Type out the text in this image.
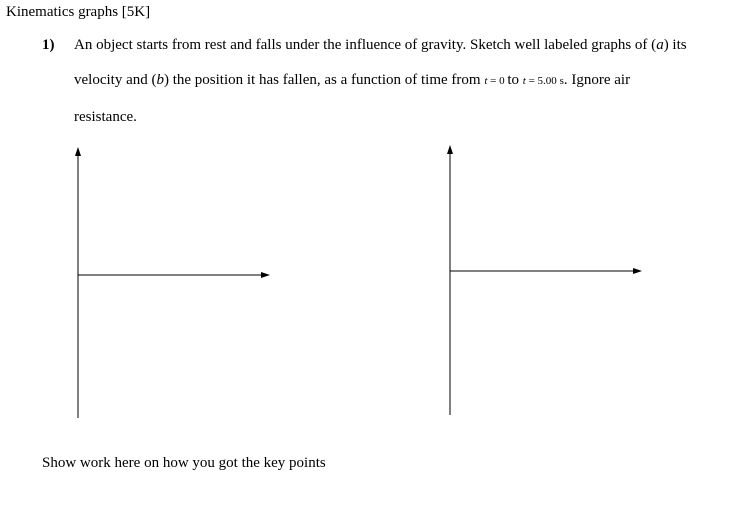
Kinematics graphs [5K]
1) An object starts from rest and falls under the influence of gravity. Sketch well labeled graphs of (a) its
velocity and (b) the position it has fallen, as a function of time from t = 0 to t = 5.00 s. Ignore air
resistance.
Show work here on how you got the key points
